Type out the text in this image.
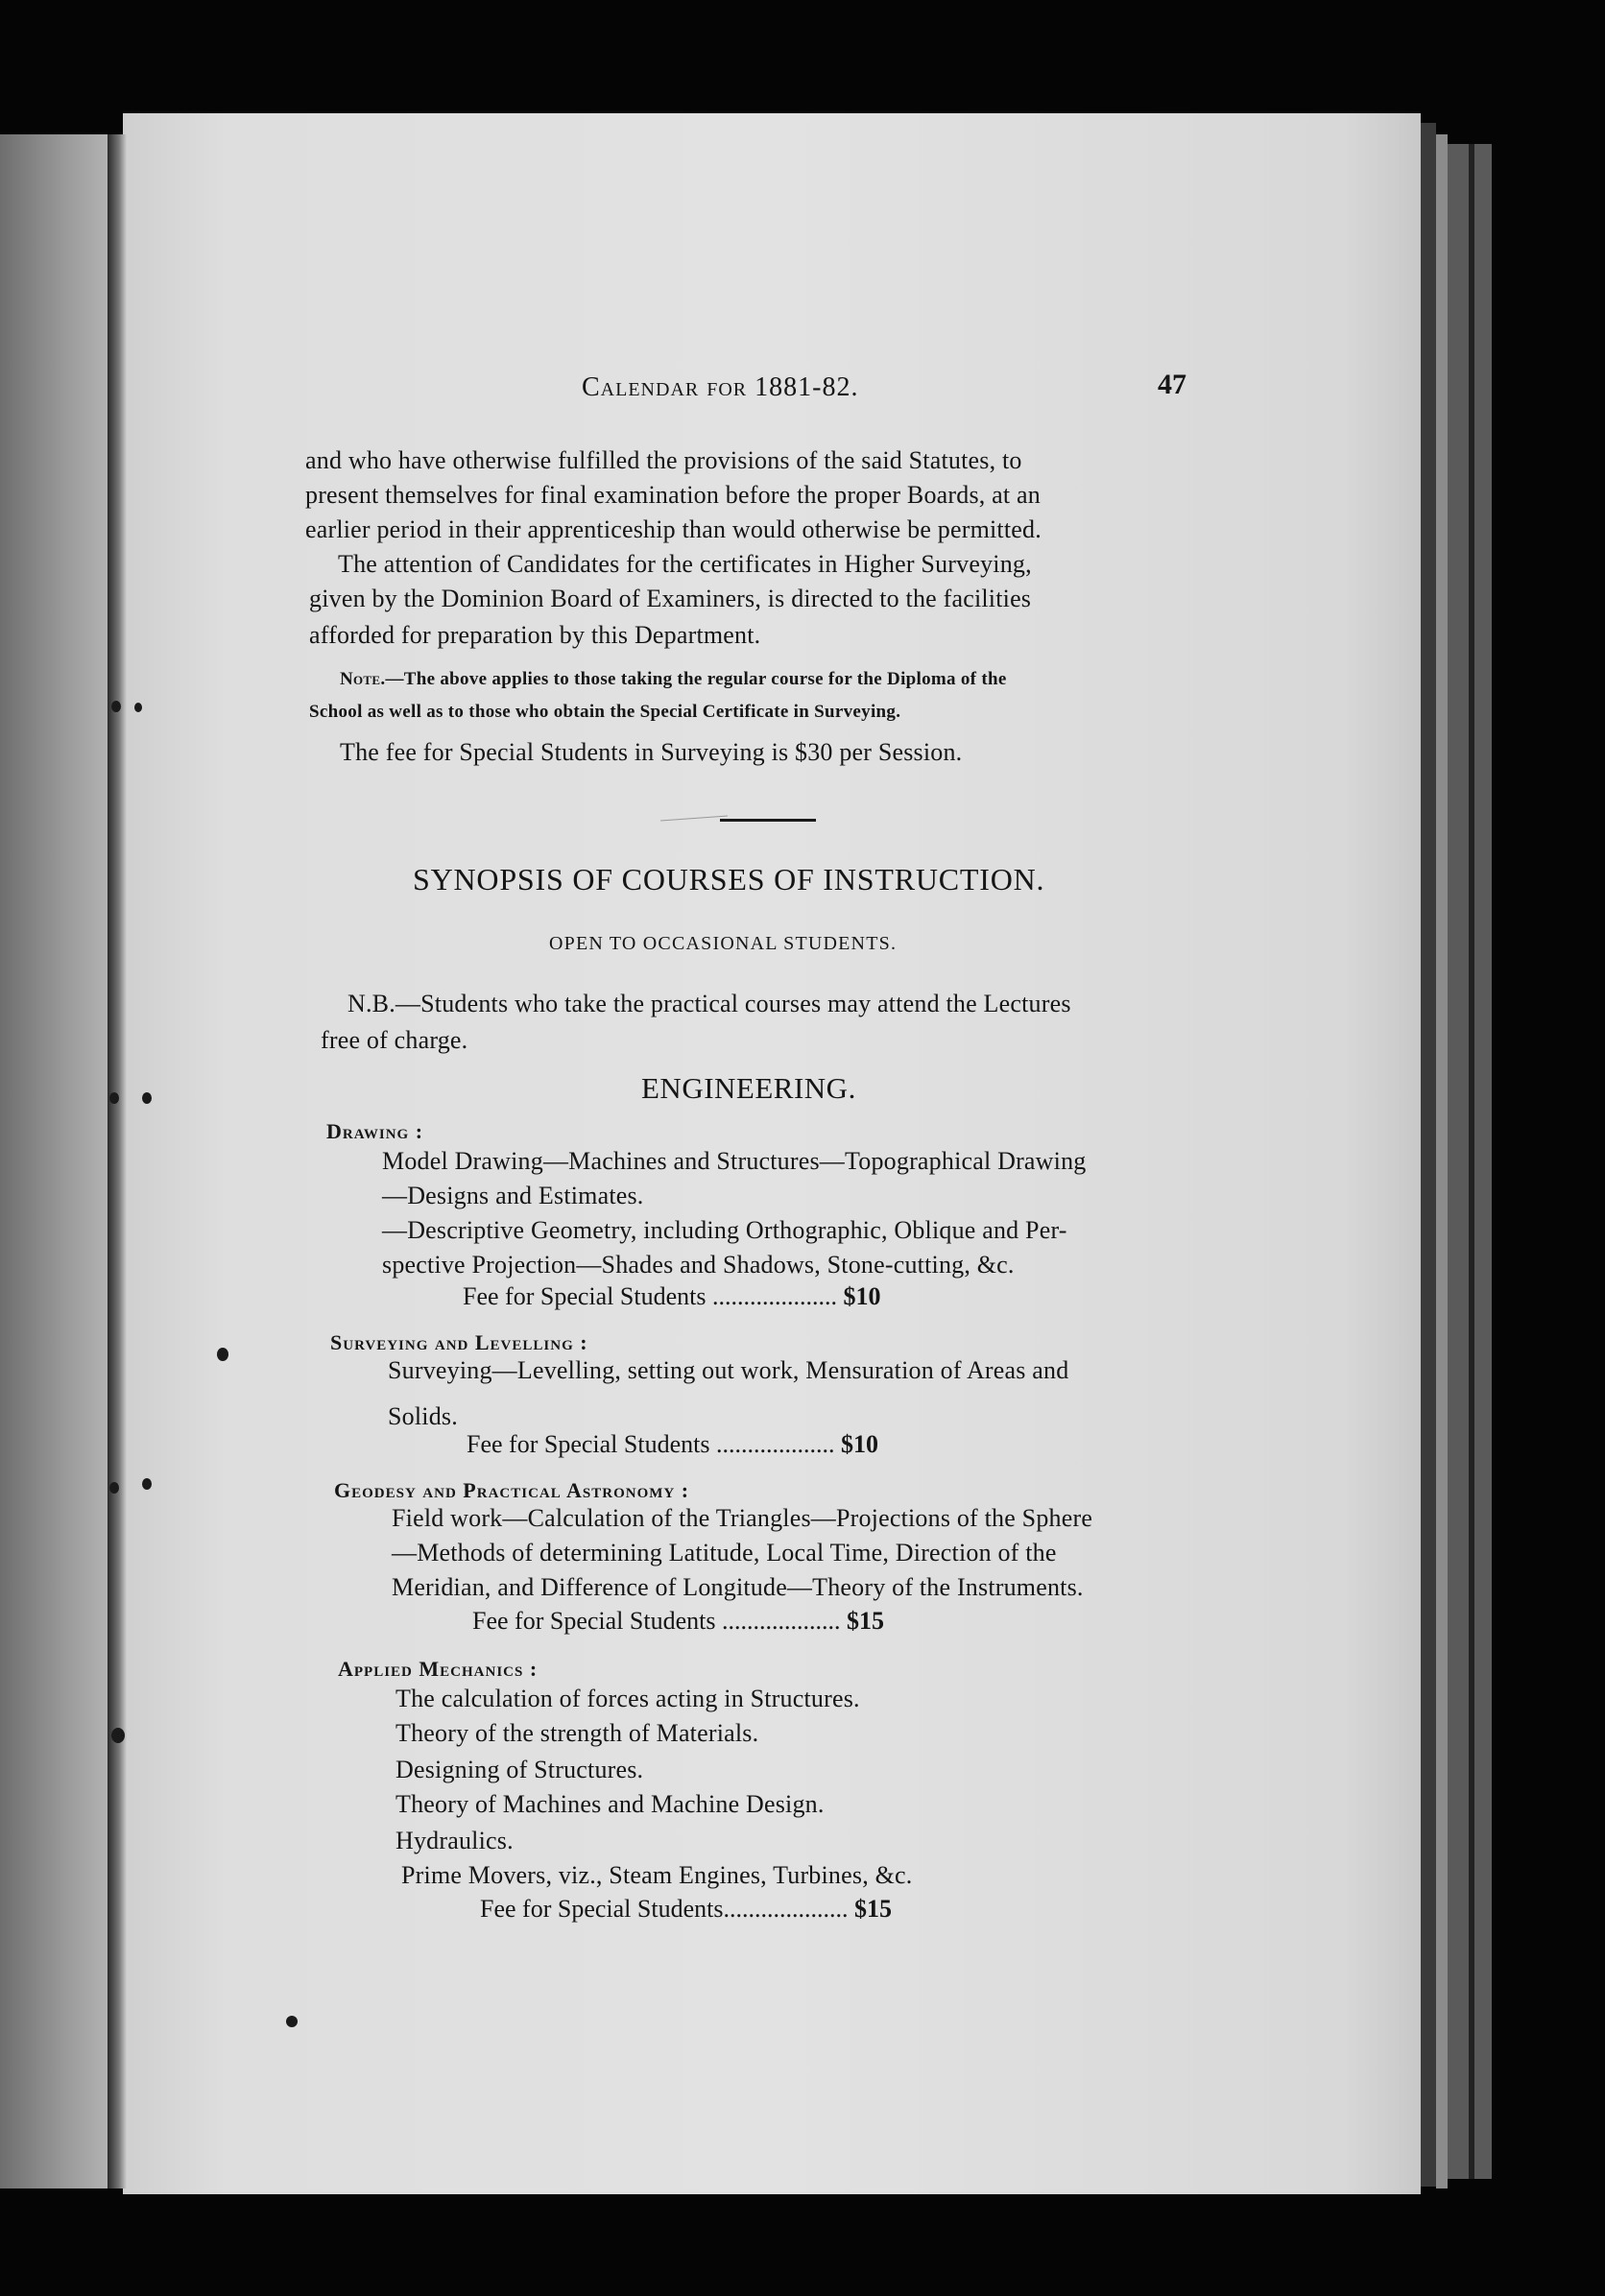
Calendar for 1881-82.	47
and who have otherwise fulfilled the provisions of the said Statutes, to
present themselves for final examination before the proper Boards, at an
earlier period in their apprenticeship than would otherwise be permitted.
The attention of Candidates for the certificates in Higher Surveying,
given by the Dominion Board of Examiners, is directed to the facilities
afforded for preparation by this Department.
Note.—The above applies to those taking the regular course for the Diploma of the
School as well as to those who obtain the Special Certificate in Surveying.
The fee for Special Students in Surveying is $30 per Session.
SYNOPSIS OF COURSES OF INSTRUCTION.
OPEN TO OCCASIONAL STUDENTS.
N.B.—Students who take the practical courses may attend the Lectures
free of charge.
ENGINEERING.
Drawing :
Model Drawing—Machines and Structures—Topographical Drawing
—Designs and Estimates.
—Descriptive Geometry, including Orthographic, Oblique and Per-
spective Projection—Shades and Shadows, Stone-cutting, &c.
Fee for Special Students .................... $10
Surveying and Levelling :
Surveying—Levelling, setting out work, Mensuration of Areas and
Solids.
Fee for Special Students ................... $10
Geodesy and Practical Astronomy :
Field work—Calculation of the Triangles—Projections of the Sphere
—Methods of determining Latitude, Local Time, Direction of the
Meridian, and Difference of Longitude—Theory of the Instruments.
Fee for Special Students ................... $15
Applied Mechanics :
The calculation of forces acting in Structures.
Theory of the strength of Materials.
Designing of Structures.
Theory of Machines and Machine Design.
Hydraulics.
Prime Movers, viz., Steam Engines, Turbines, &c.
Fee for Special Students.................... $15
